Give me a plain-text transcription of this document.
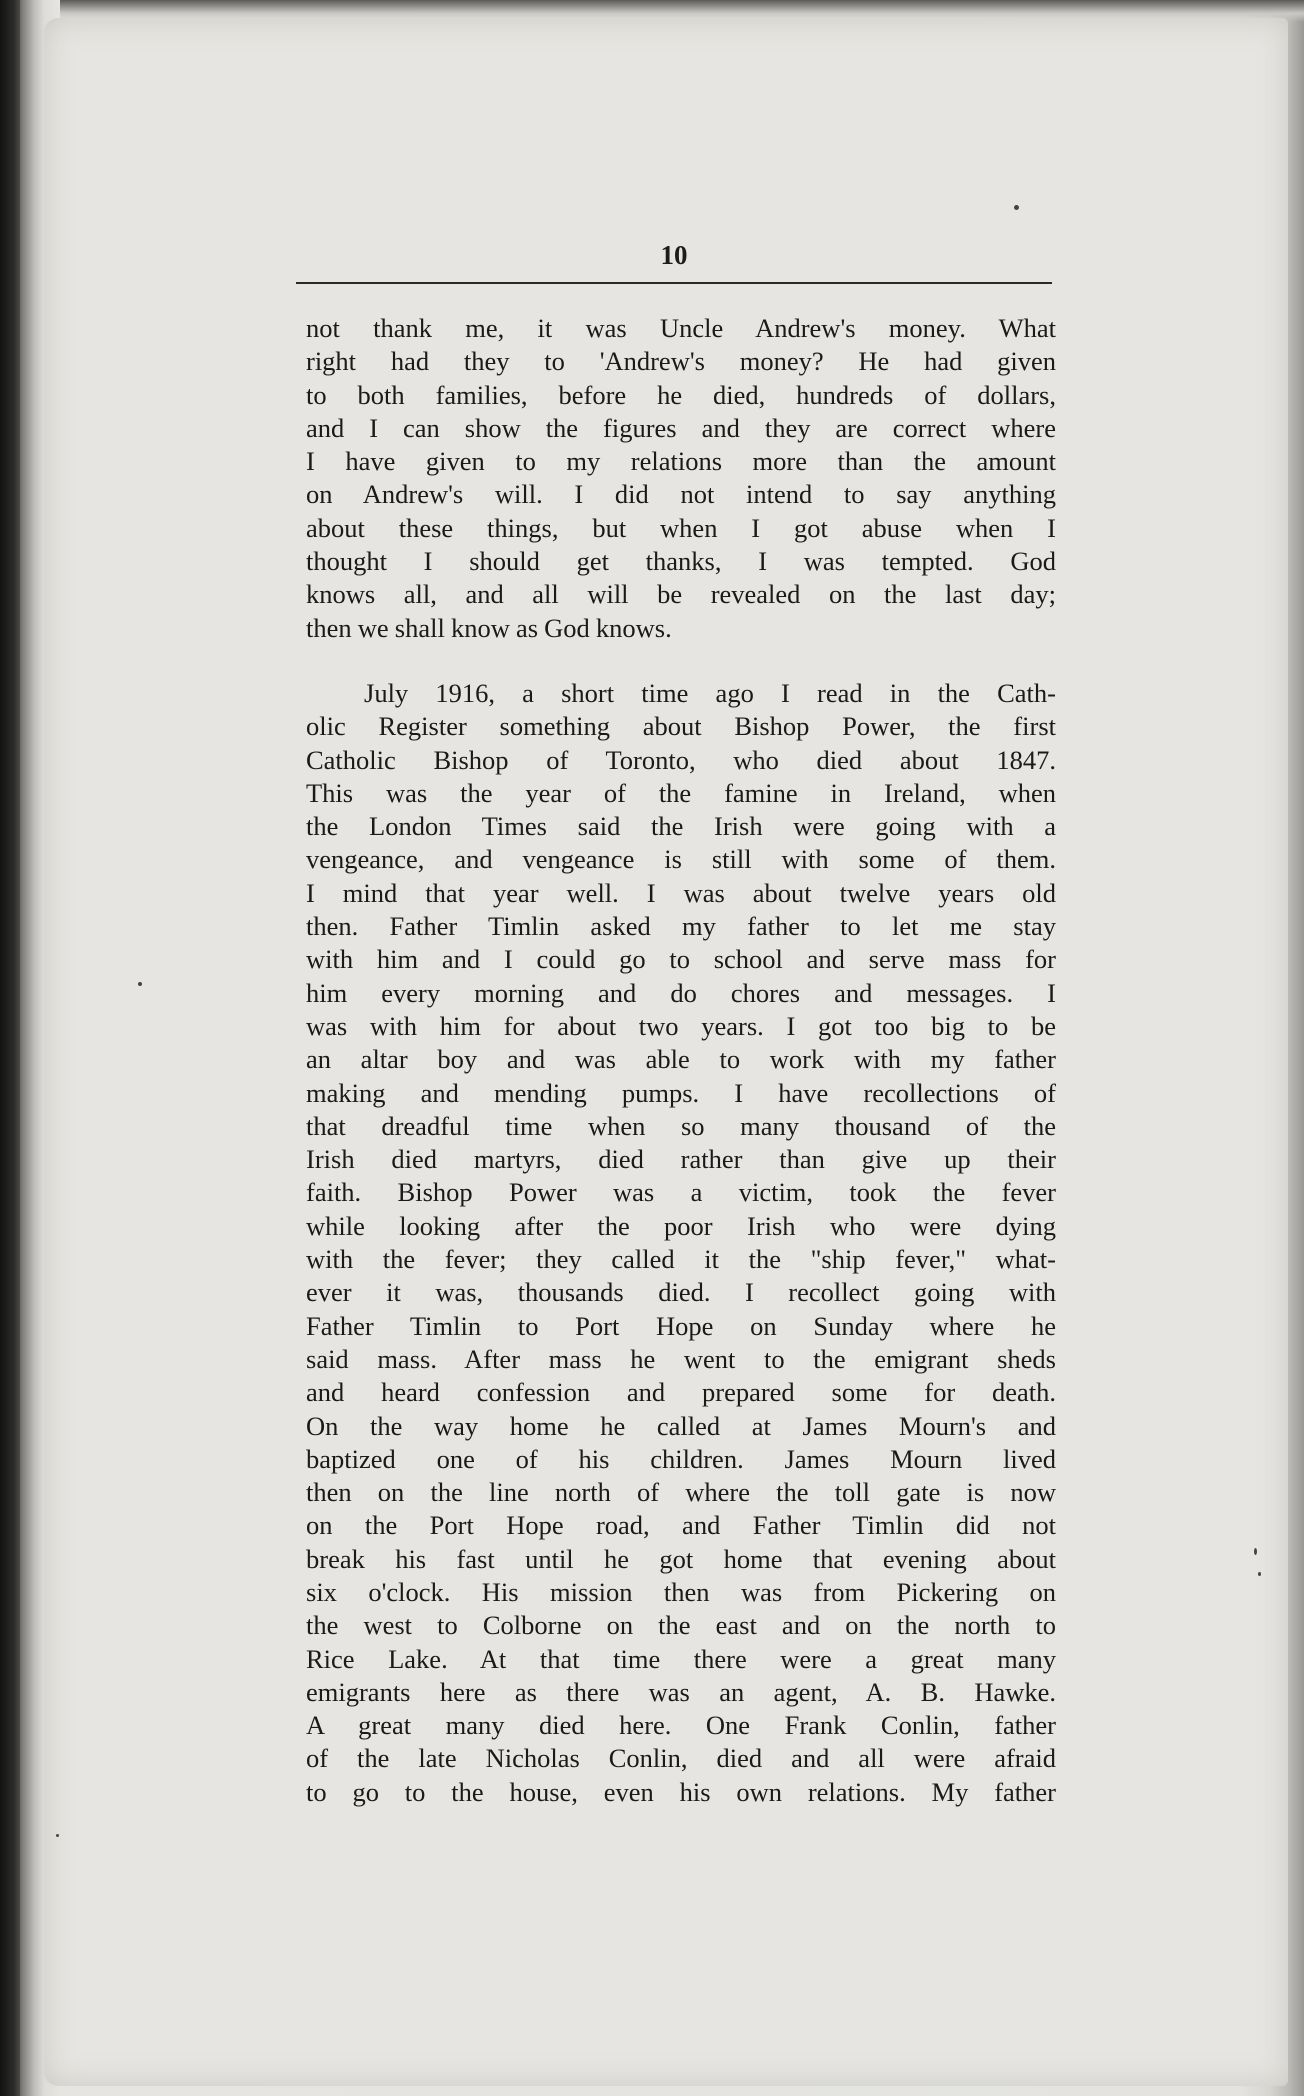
10

not thank me, it was Uncle Andrew's money. What
right had they to 'Andrew's money? He had given
to both families, before he died, hundreds of dollars,
and I can show the figures and they are correct where
I have given to my relations more than the amount
on Andrew's will. I did not intend to say anything
about these things, but when I got abuse when I
thought I should get thanks, I was tempted. God
knows all, and all will be revealed on the last day;
then we shall know as God knows.

July 1916, a short time ago I read in the Cath-
olic Register something about Bishop Power, the first
Catholic Bishop of Toronto, who died about 1847.
This was the year of the famine in Ireland, when
the London Times said the Irish were going with a
vengeance, and vengeance is still with some of them.
I mind that year well. I was about twelve years old
then. Father Timlin asked my father to let me stay
with him and I could go to school and serve mass for
him every morning and do chores and messages. I
was with him for about two years. I got too big to be
an altar boy and was able to work with my father
making and mending pumps. I have recollections of
that dreadful time when so many thousand of the
Irish died martyrs, died rather than give up their
faith. Bishop Power was a victim, took the fever
while looking after the poor Irish who were dying
with the fever; they called it the "ship fever," what-
ever it was, thousands died. I recollect going with
Father Timlin to Port Hope on Sunday where he
said mass. After mass he went to the emigrant sheds
and heard confession and prepared some for death.
On the way home he called at James Mourn's and
baptized one of his children. James Mourn lived
then on the line north of where the toll gate is now
on the Port Hope road, and Father Timlin did not
break his fast until he got home that evening about
six o'clock. His mission then was from Pickering on
the west to Colborne on the east and on the north to
Rice Lake. At that time there were a great many
emigrants here as there was an agent, A. B. Hawke.
A great many died here. One Frank Conlin, father
of the late Nicholas Conlin, died and all were afraid
to go to the house, even his own relations. My father
